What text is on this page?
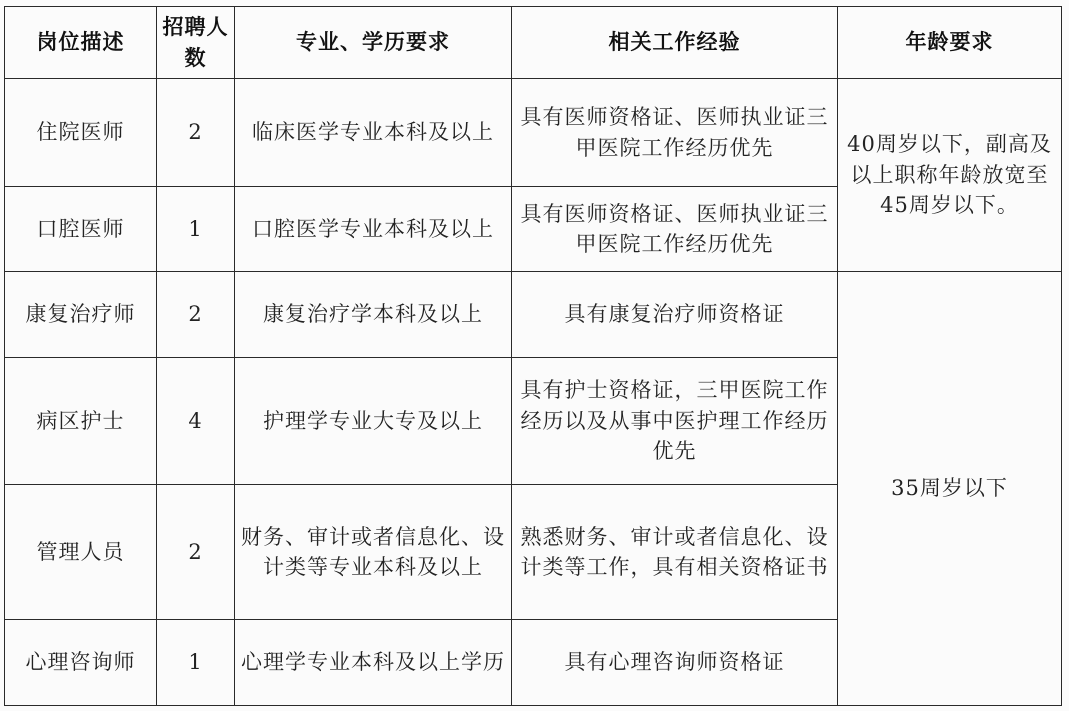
岗位描述	招聘人数	专业、学历要求	相关工作经验	年龄要求
住院医师	2	临床医学专业本科及以上	具有医师资格证、医师执业证三甲医院工作经历优先	40周岁以下，副高及以上职称年龄放宽至45周岁以下。
口腔医师	1	口腔医学专业本科及以上	具有医师资格证、医师执业证三甲医院工作经历优先	
康复治疗师	2	康复治疗学本科及以上	具有康复治疗师资格证	35周岁以下
病区护士	4	护理学专业大专及以上	具有护士资格证，三甲医院工作经历以及从事中医护理工作经历优先	
管理人员	2	财务、审计或者信息化、设计类等专业本科及以上	熟悉财务、审计或者信息化、设计类等工作，具有相关资格证书	
心理咨询师	1	心理学专业本科及以上学历	具有心理咨询师资格证	
